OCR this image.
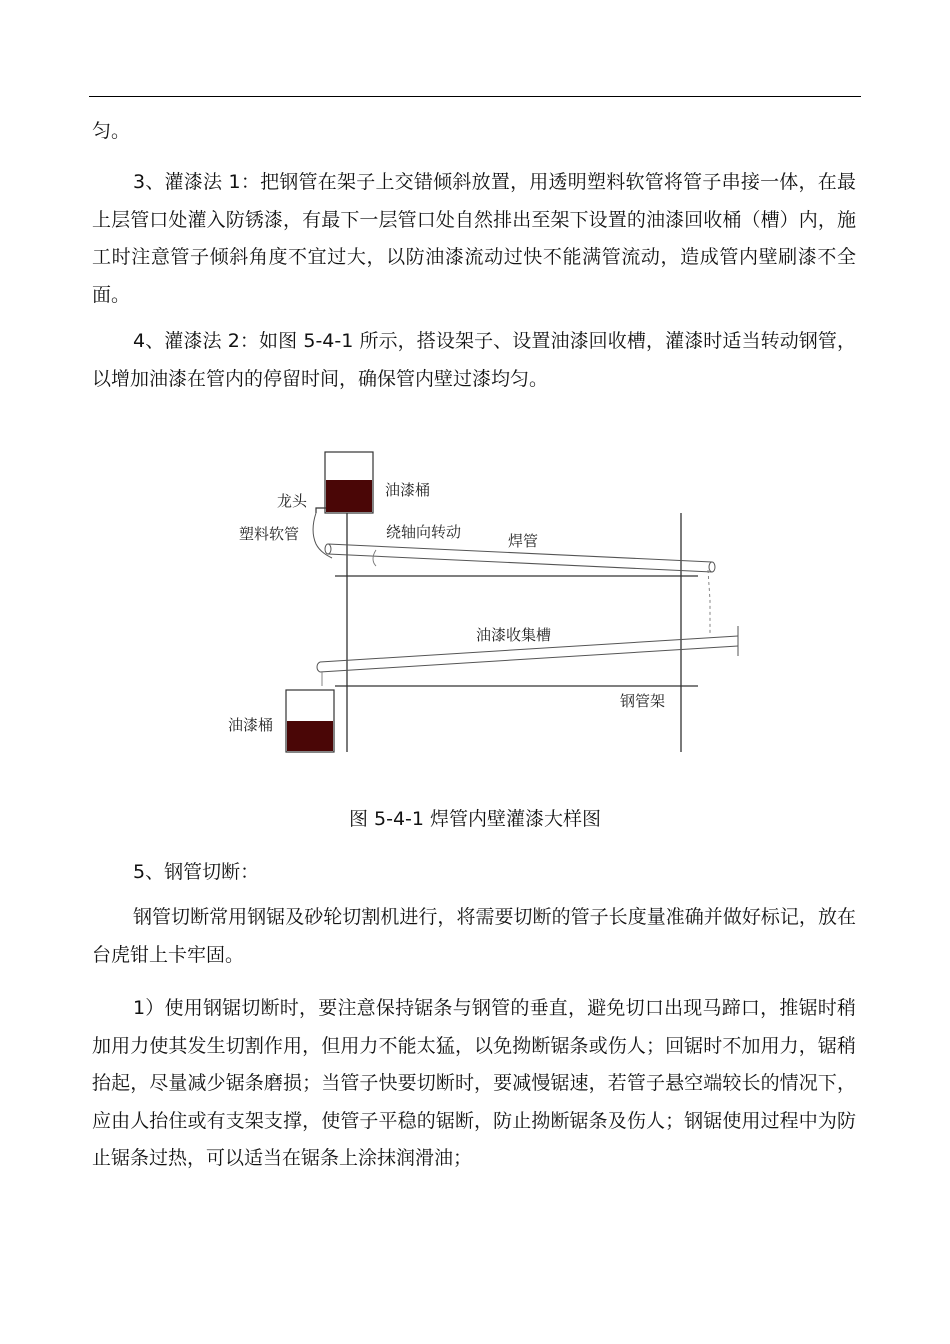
匀。

3、灌漆法 1：把钢管在架子上交错倾斜放置，用透明塑料软管将管子串接一体，在最上层管口处灌入防锈漆，有最下一层管口处自然排出至架下设置的油漆回收桶（槽）内，施工时注意管子倾斜角度不宜过大，以防油漆流动过快不能满管流动，造成管内壁刷漆不全面。

4、灌漆法 2：如图 5-4-1 所示，搭设架子、设置油漆回收槽，灌漆时适当转动钢管，以增加油漆在管内的停留时间，确保管内壁过漆均匀。

油漆桶
龙头
塑料软管	绕轴向转动	焊管
油漆收集槽
钢管架
油漆桶

图 5-4-1 焊管内壁灌漆大样图

5、钢管切断：

钢管切断常用钢锯及砂轮切割机进行，将需要切断的管子长度量准确并做好标记，放在台虎钳上卡牢固。

1）使用钢锯切断时，要注意保持锯条与钢管的垂直，避免切口出现马蹄口，推锯时稍加用力使其发生切割作用，但用力不能太猛，以免拗断锯条或伤人；回锯时不加用力，锯稍抬起，尽量减少锯条磨损；当管子快要切断时，要减慢锯速，若管子悬空端较长的情况下，应由人抬住或有支架支撑，使管子平稳的锯断，防止拗断锯条及伤人；钢锯使用过程中为防止锯条过热，可以适当在锯条上涂抹润滑油；
